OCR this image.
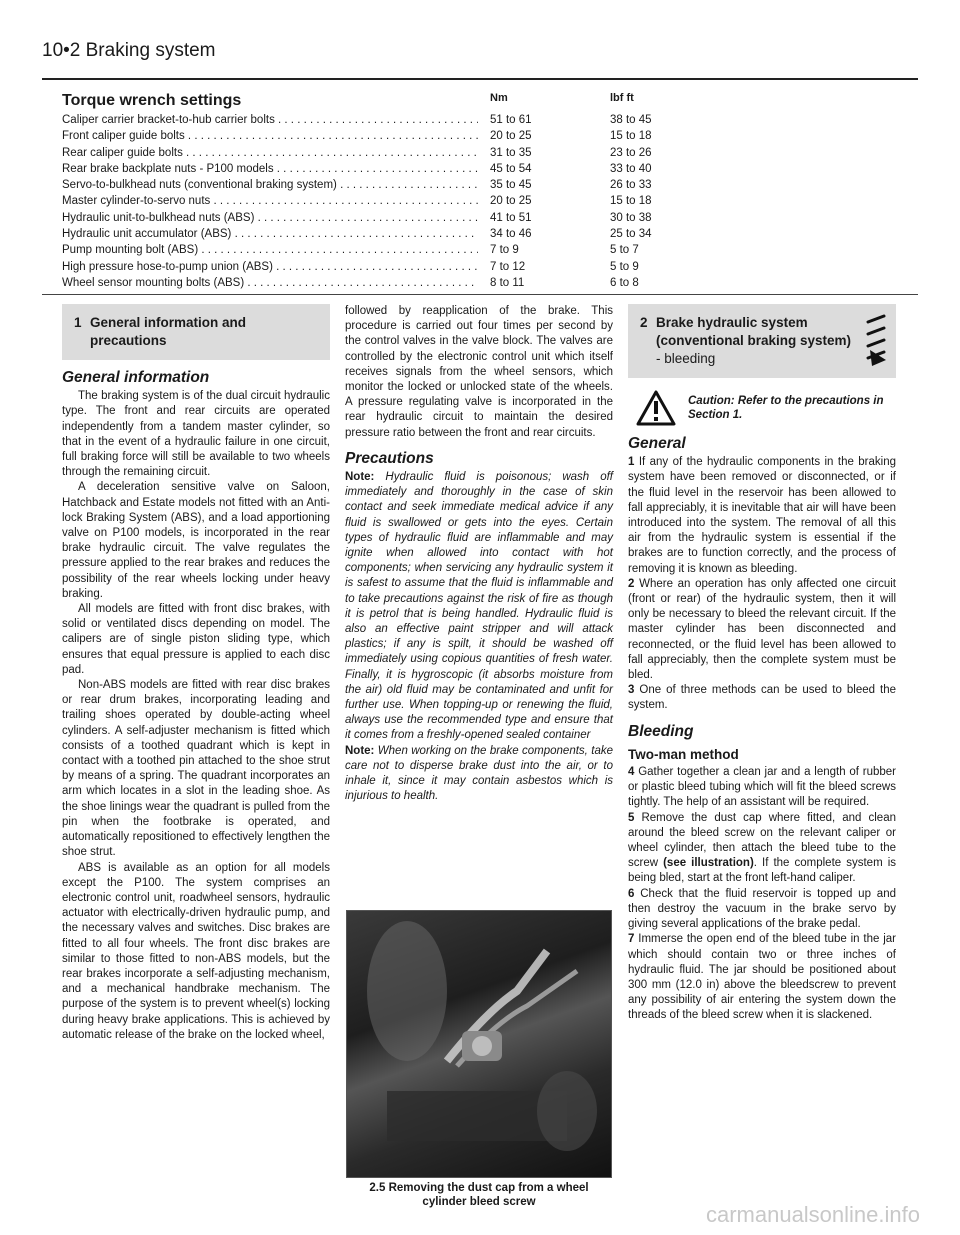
10•2 Braking system
Torque wrench settings	Nm	lbf ft
Caliper carrier bracket-to-hub carrier bolts . . .	51 to 61	38 to 45
Front caliper guide bolts . . .	20 to 25	15 to 18
Rear caliper guide bolts . . .	31 to 35	23 to 26
Rear brake backplate nuts - P100 models . . .	45 to 54	33 to 40
Servo-to-bulkhead nuts (conventional braking system) . . .	35 to 45	26 to 33
Master cylinder-to-servo nuts . . .	20 to 25	15 to 18
Hydraulic unit-to-bulkhead nuts (ABS) . . .	41 to 51	30 to 38
Hydraulic unit accumulator (ABS) . . .	34 to 46	25 to 34
Pump mounting bolt (ABS) . . .	7 to 9	5 to 7
High pressure hose-to-pump union (ABS) . . .	7 to 12	5 to 9
Wheel sensor mounting bolts (ABS) . . .	8 to 11	6 to 8
1 General information and
precautions
General information

The braking system is of the dual circuit hydraulic type. The front and rear circuits are operated independently from a tandem master cylinder, so that in the event of a hydraulic failure in one circuit, full braking force will still be available to two wheels through the remaining circuit.

A deceleration sensitive valve on Saloon, Hatchback and Estate models not fitted with an Anti-lock Braking System (ABS), and a load apportioning valve on P100 models, is incorporated in the rear brake hydraulic circuit. The valve regulates the pressure applied to the rear brakes and reduces the possibility of the rear wheels locking under heavy braking.

All models are fitted with front disc brakes, with solid or ventilated discs depending on model. The calipers are of single piston sliding type, which ensures that equal pressure is applied to each disc pad.

Non-ABS models are fitted with rear disc brakes or rear drum brakes, incorporating leading and trailing shoes operated by double-acting wheel cylinders. A self-adjuster mechanism is fitted which consists of a toothed quadrant which is kept in contact with a toothed pin attached to the shoe strut by means of a spring. The quadrant incorporates an arm which locates in a slot in the leading shoe. As the shoe linings wear the quadrant is pulled from the pin when the footbrake is operated, and automatically repositioned to effectively lengthen the shoe strut.

ABS is available as an option for all models except the P100. The system comprises an electronic control unit, roadwheel sensors, hydraulic actuator with electrically-driven hydraulic pump, and the necessary valves and switches. Disc brakes are fitted to all four wheels. The front disc brakes are similar to those fitted to non-ABS models, but the rear brakes incorporate a self-adjusting mechanism, and a mechanical handbrake mechanism. The purpose of the system is to prevent wheel(s) locking during heavy brake applications. This is achieved by automatic release of the brake on the locked wheel,

followed by reapplication of the brake. This procedure is carried out four times per second by the control valves in the valve block. The valves are controlled by the electronic control unit which itself receives signals from the wheel sensors, which monitor the locked or unlocked state of the wheels. A pressure regulating valve is incorporated in the rear hydraulic circuit to maintain the desired pressure ratio between the front and rear circuits.

Precautions

Note: Hydraulic fluid is poisonous; wash off immediately and thoroughly in the case of skin contact and seek immediate medical advice if any fluid is swallowed or gets into the eyes. Certain types of hydraulic fluid are inflammable and may ignite when allowed into contact with hot components; when servicing any hydraulic system it is safest to assume that the fluid is inflammable and to take precautions against the risk of fire as though it is petrol that is being handled. Hydraulic fluid is also an effective paint stripper and will attack plastics; if any is spilt, it should be washed off immediately using copious quantities of fresh water. Finally, it is hygroscopic (it absorbs moisture from the air) old fluid may be contaminated and unfit for further use. When topping-up or renewing the fluid, always use the recommended type and ensure that it comes from a freshly-opened sealed container

Note: When working on the brake components, take care not to disperse brake dust into the air, or to inhale it, since it may contain asbestos which is injurious to health.

2.5 Removing the dust cap from a wheel cylinder bleed screw
2 Brake hydraulic system
(conventional braking system)
- bleeding
Caution: Refer to the precautions in Section 1.
General

1 If any of the hydraulic components in the braking system have been removed or disconnected, or if the fluid level in the reservoir has been allowed to fall appreciably, it is inevitable that air will have been introduced into the system. The removal of all this air from the hydraulic system is essential if the brakes are to function correctly, and the process of removing it is known as bleeding.

2 Where an operation has only affected one circuit (front or rear) of the hydraulic system, then it will only be necessary to bleed the relevant circuit. If the master cylinder has been disconnected and reconnected, or the fluid level has been allowed to fall appreciably, then the complete system must be bled.

3 One of three methods can be used to bleed the system.

Bleeding
Two-man method

4 Gather together a clean jar and a length of rubber or plastic bleed tubing which will fit the bleed screws tightly. The help of an assistant will be required.

5 Remove the dust cap where fitted, and clean around the bleed screw on the relevant caliper or wheel cylinder, then attach the bleed tube to the screw (see illustration). If the complete system is being bled, start at the front left-hand caliper.

6 Check that the fluid reservoir is topped up and then destroy the vacuum in the brake servo by giving several applications of the brake pedal.

7 Immerse the open end of the bleed tube in the jar which should contain two or three inches of hydraulic fluid. The jar should be positioned about 300 mm (12.0 in) above the bleedscrew to prevent any possibility of air entering the system down the threads of the bleed screw when it is slackened.

carmanualsonline.info
